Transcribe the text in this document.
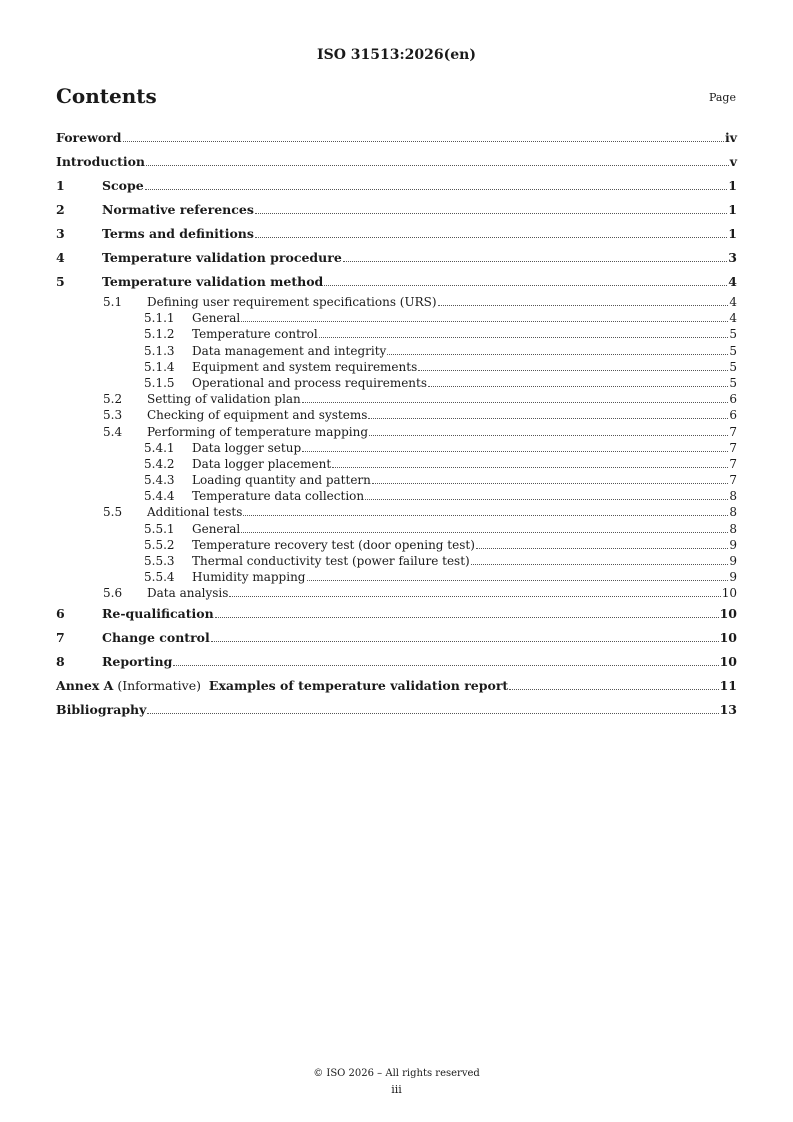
ISO 31513:2026(en)
Contents	Page
Foreword	iv
Introduction	v
1	Scope	1
2	Normative references	1
3	Terms and definitions	1
4	Temperature validation procedure	3
5	Temperature validation method	4
5.1	Defining user requirement specifications (URS)	4
5.1.1	General	4
5.1.2	Temperature control	5
5.1.3	Data management and integrity	5
5.1.4	Equipment and system requirements	5
5.1.5	Operational and process requirements	5
5.2	Setting of validation plan	6
5.3	Checking of equipment and systems	6
5.4	Performing of temperature mapping	7
5.4.1	Data logger setup	7
5.4.2	Data logger placement	7
5.4.3	Loading quantity and pattern	7
5.4.4	Temperature data collection	8
5.5	Additional tests	8
5.5.1	General	8
5.5.2	Temperature recovery test (door opening test)	9
5.5.3	Thermal conductivity test (power failure test)	9
5.5.4	Humidity mapping	9
5.6	Data analysis	10
6	Re-qualification	10
7	Change control	10
8	Reporting	10
Annex A (Informative)  Examples of temperature validation report	11
Bibliography	13
© ISO 2026 – All rights reserved
iii
